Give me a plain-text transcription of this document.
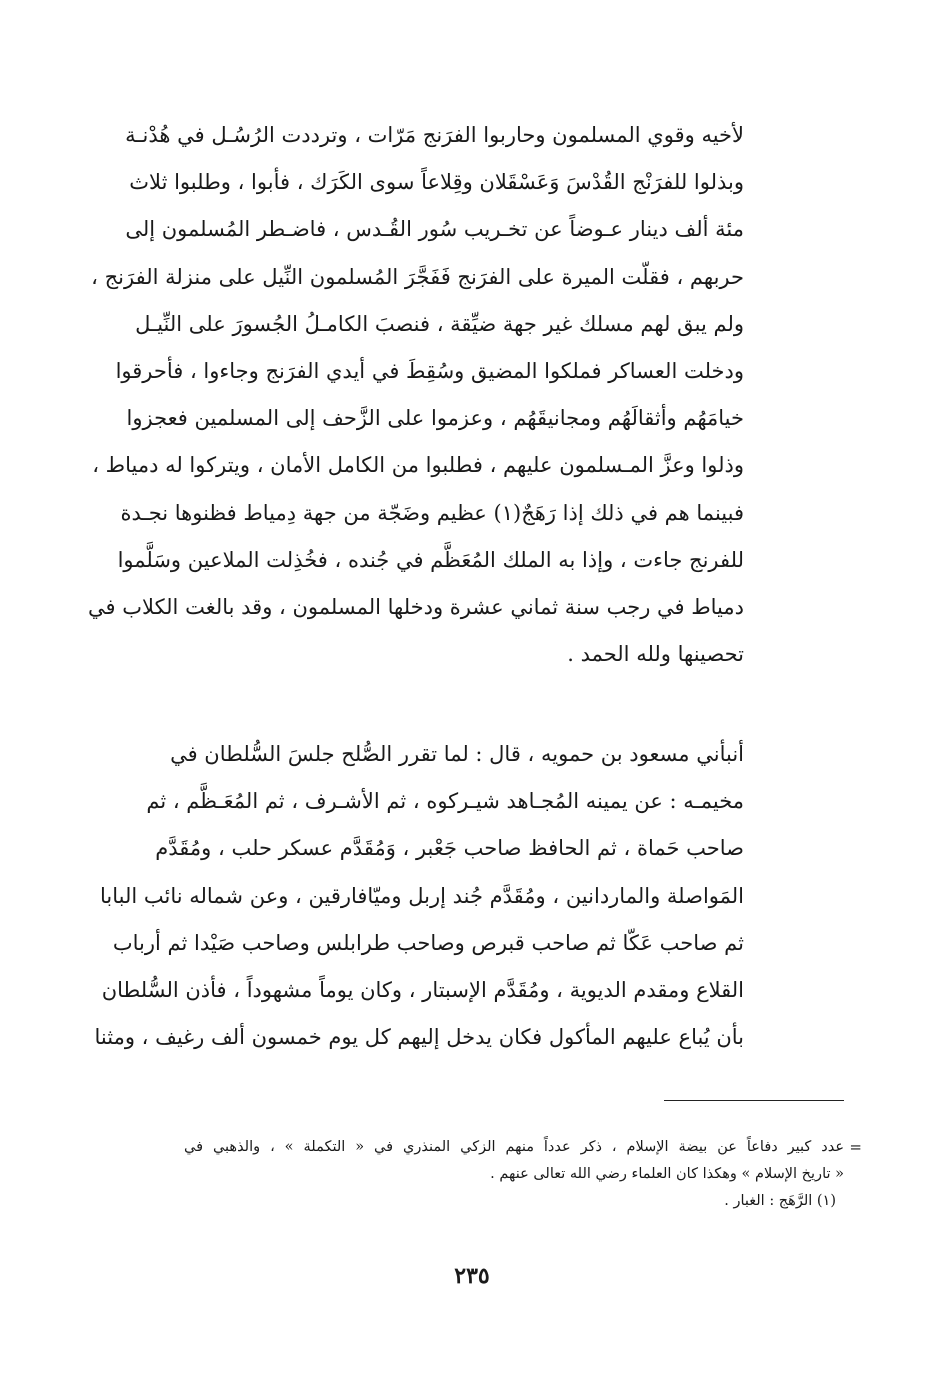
لأخيه وقوي المسلمون وحاربوا الفرَنج مَرّات ، وترددت الرُسُـل في هُدْنـة
وبذلوا للفرَنْج القُدْسَ وَعَسْقَلان وقِلاعاً سوى الكَرَك ، فأبوا ، وطلبوا ثلاث
مئة ألف دينار عـوضاً عن تخـريب سُور القُـدس ، فاضـطر المُسلمون إلى
حربهم ، فقلّت الميرة على الفرَنج فَفَجَّرَ المُسلمون النِّيل على منزلة الفرَنج ،
ولم يبق لهم مسلك غير جهة ضيِّقة ، فنصبَ الكامـلُ الجُسورَ على النِّيـل
ودخلت العساكر فملكوا المضيق وسُقِطَ في أيدي الفرَنج وجاءوا ، فأحرقوا
خيامَهُم وأثقالَهُم ومجانيقَهُم ، وعزموا على الزَّحف إلى المسلمين فعجزوا
وذلوا وعزَّ المـسلمون عليهم ، فطلبوا من الكامل الأمان ، ويتركوا له دمياط ،
فبينما هم في ذلك إذا رَهَجٌ(١) عظيم وضَجّة من جهة دِمياط فظنوها نجـدة
للفرنج جاءت ، وإذا به الملك المُعَظَّم في جُنده ، فخُذِلت الملاعين وسَلَّموا
دمياط في رجب سنة ثماني عشرة ودخلها المسلمون ، وقد بالغت الكلاب في
تحصينها ولله الحمد .
أنبأني مسعود بن حمويه ، قال : لما تقرر الصُّلح جلسَ السُّلطان في
مخيمـه : عن يمينه المُجـاهد شيـركوه ، ثم الأشـرف ، ثم المُعَـظَّم ، ثم
صاحب حَماة ، ثم الحافظ صاحب جَعْبر ، وَمُقَدَّم عسكر حلب ، ومُقَدَّم
المَواصلة والماردانين ، ومُقَدَّم جُند إربل وميّافارقين ، وعن شماله نائب البابا
ثم صاحب عَكّا ثم صاحب قبرص وصاحب طرابلس وصاحب صَيْدا ثم أرباب
القلاع ومقدم الديوية ، ومُقَدَّم الإسبتار ، وكان يوماً مشهوداً ، فأذن السُّلطان
بأن يُباع عليهم المأكول فكان يدخل إليهم كل يوم خمسون ألف رغيف ، ومثنا
=
عدد كبير دفاعاً عن بيضة الإسلام ، ذكر عدداً منهم الزكي المنذري في « التكملة » ، والذهبي في
« تاريخ الإسلام » وهكذا كان العلماء رضي الله تعالى عنهم .
(١) الرَّهَج : الغبار .
٢٣٥
